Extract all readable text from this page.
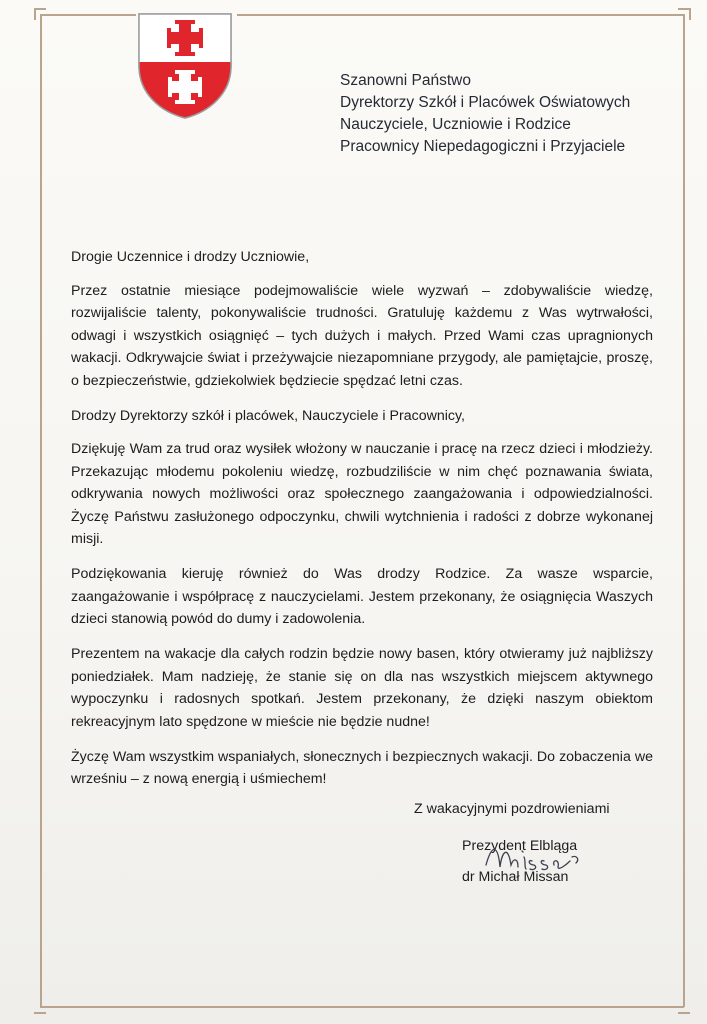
Szanowni Państwo
Dyrektorzy Szkół i Placówek Oświatowych
Nauczyciele, Uczniowie i Rodzice
Pracownicy Niepedagogiczni i Przyjaciele

Drogie Uczennice i drodzy Uczniowie,

Przez ostatnie miesiące podejmowaliście wiele wyzwań – zdobywaliście wiedzę, rozwijaliście talenty, pokonywaliście trudności. Gratuluję każdemu z Was wytrwałości, odwagi i wszystkich osiągnięć – tych dużych i małych. Przed Wami czas upragnionych wakacji. Odkrywajcie świat i przeżywajcie niezapomniane przygody, ale pamiętajcie, proszę, o bezpieczeństwie, gdziekolwiek będziecie spędzać letni czas.

Drodzy Dyrektorzy szkół i placówek, Nauczyciele i Pracownicy,

Dziękuję Wam za trud oraz wysiłek włożony w nauczanie i pracę na rzecz dzieci i młodzieży. Przekazując młodemu pokoleniu wiedzę, rozbudziliście w nim chęć poznawania świata, odkrywania nowych możliwości oraz społecznego zaangażowania i odpowiedzialności. Życzę Państwu zasłużonego odpoczynku, chwili wytchnienia i radości z dobrze wykonanej misji.

Podziękowania kieruję również do Was drodzy Rodzice. Za wasze wsparcie, zaangażowanie i współpracę z nauczycielami. Jestem przekonany, że osiągnięcia Waszych dzieci stanowią powód do dumy i zadowolenia.

Prezentem na wakacje dla całych rodzin będzie nowy basen, który otwieramy już najbliższy poniedziałek. Mam nadzieję, że stanie się on dla nas wszystkich miejscem aktywnego wypoczynku i radosnych spotkań. Jestem przekonany, że dzięki naszym obiektom rekreacyjnym lato spędzone w mieście nie będzie nudne!

Życzę Wam wszystkim wspaniałych, słonecznych i bezpiecznych wakacji. Do zobaczenia we wrześniu – z nową energią i uśmiechem!

Z wakacyjnymi pozdrowieniami
Prezydent Elbląga
dr Michał Missan
